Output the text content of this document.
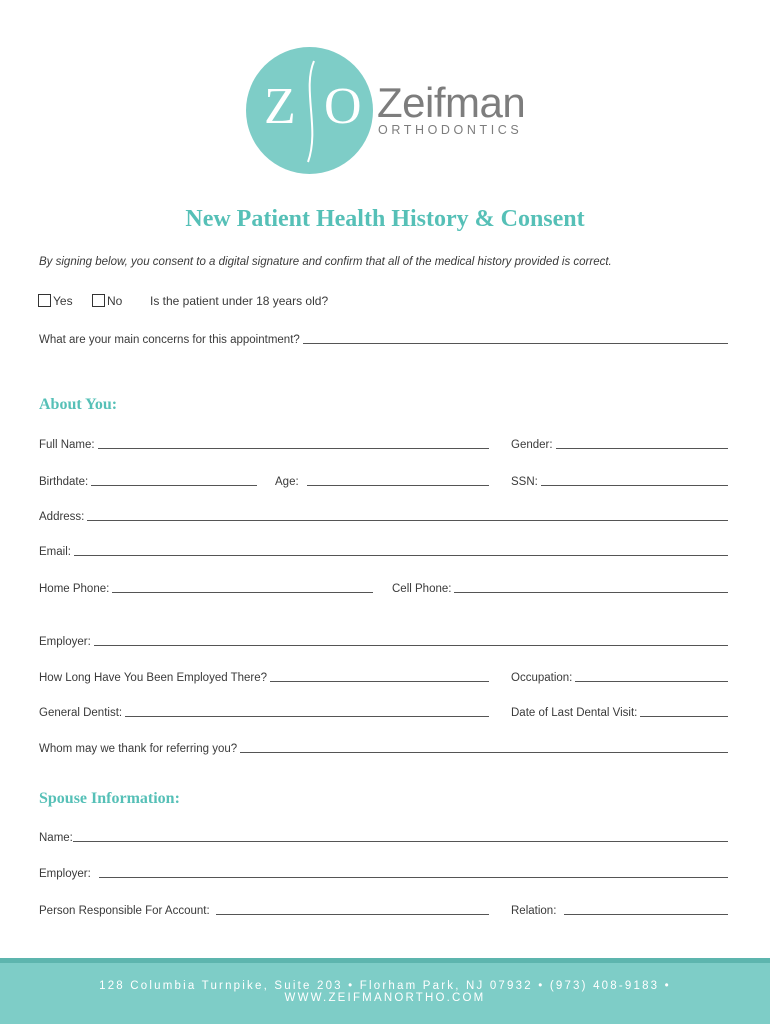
Z O Zeifman
ORTHODONTICS
New Patient Health History & Consent
By signing below, you consent to a digital signature and confirm that all of the medical history provided is correct.
Yes	No Is the patient under 18 years old?
What are your main concerns for this appointment?
About You:
Full Name:	Gender:
Birthdate:	Age:	SSN:
Address:
Email:
Home Phone:	Cell Phone:
Employer:
How Long Have You Been Employed There?	Occupation:
General Dentist:	Date of Last Dental Visit:
Whom may we thank for referring you?
Spouse Information:
Name:
Employer:
Person Responsible For Account:	Relation:
128 Columbia Turnpike, Suite 203 • Florham Park, NJ 07932 • (973) 408-9183 • WWW.ZEIFMANORTHO.COM
